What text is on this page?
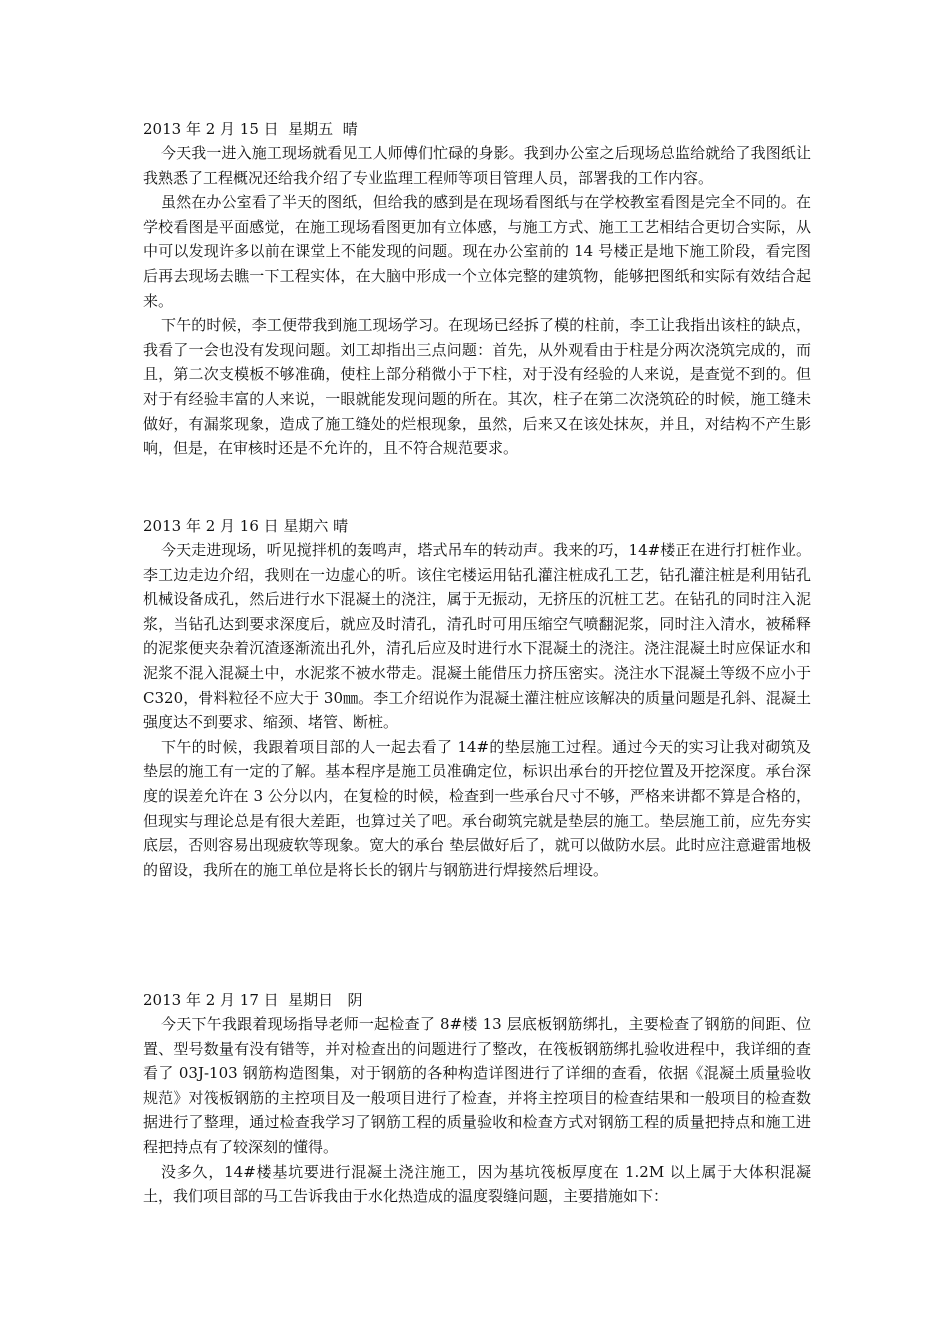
2013 年 2 月 15 日  星期五  晴

今天我一进入施工现场就看见工人师傅们忙碌的身影。我到办公室之后现场总监给就给了我图纸让我熟悉了工程概况还给我介绍了专业监理工程师等项目管理人员，部署我的工作内容。

虽然在办公室看了半天的图纸，但给我的感到是在现场看图纸与在学校教室看图是完全不同的。在学校看图是平面感觉，在施工现场看图更加有立体感，与施工方式、施工工艺相结合更切合实际，从中可以发现许多以前在课堂上不能发现的问题。现在办公室前的 14 号楼正是地下施工阶段，看完图后再去现场去瞧一下工程实体，在大脑中形成一个立体完整的建筑物，能够把图纸和实际有效结合起来。

下午的时候，李工便带我到施工现场学习。在现场已经拆了模的柱前，李工让我指出该柱的缺点，我看了一会也没有发现问题。刘工却指出三点问题：首先，从外观看由于柱是分两次浇筑完成的，而且，第二次支模板不够准确，使柱上部分稍微小于下柱，对于没有经验的人来说，是查觉不到的。但对于有经验丰富的人来说，一眼就能发现问题的所在。其次，柱子在第二次浇筑砼的时候，施工缝未做好，有漏浆现象，造成了施工缝处的烂根现象，虽然，后来又在该处抹灰，并且，对结构不产生影响，但是，在审核时还是不允许的，且不符合规范要求。

2013 年 2 月 16 日 星期六 晴

今天走进现场，听见搅拌机的轰鸣声，塔式吊车的转动声。我来的巧，14#楼正在进行打桩作业。李工边走边介绍，我则在一边虚心的听。该住宅楼运用钻孔灌注桩成孔工艺，钻孔灌注桩是利用钻孔机械设备成孔，然后进行水下混凝土的浇注，属于无振动，无挤压的沉桩工艺。在钻孔的同时注入泥浆，当钻孔达到要求深度后，就应及时清孔，清孔时可用压缩空气喷翻泥浆，同时注入清水，被稀释的泥浆便夹杂着沉渣逐渐流出孔外，清孔后应及时进行水下混凝土的浇注。浇注混凝土时应保证水和泥浆不混入混凝土中，水泥浆不被水带走。混凝土能借压力挤压密实。浇注水下混凝土等级不应小于 C320，骨料粒径不应大于 30㎜。李工介绍说作为混凝土灌注桩应该解决的质量问题是孔斜、混凝土强度达不到要求、缩颈、堵管、断桩。

下午的时候，我跟着项目部的人一起去看了 14#的垫层施工过程。通过今天的实习让我对砌筑及垫层的施工有一定的了解。基本程序是施工员准确定位，标识出承台的开挖位置及开挖深度。承台深度的误差允许在 3 公分以内，在复检的时候，检查到一些承台尺寸不够，严格来讲都不算是合格的，但现实与理论总是有很大差距，也算过关了吧。承台砌筑完就是垫层的施工。垫层施工前，应先夯实底层，否则容易出现疲软等现象。宽大的承台 垫层做好后了，就可以做防水层。此时应注意避雷地极的留设，我所在的施工单位是将长长的钢片与钢筋进行焊接然后埋设。

2013 年 2 月 17 日  星期日   阴

今天下午我跟着现场指导老师一起检查了 8#楼 13 层底板钢筋绑扎，主要检查了钢筋的间距、位置、型号数量有没有错等，并对检查出的问题进行了整改，在筏板钢筋绑扎验收进程中，我详细的查看了 03J-103 钢筋构造图集，对于钢筋的各种构造详图进行了详细的查看，依据《混凝土质量验收规范》对筏板钢筋的主控项目及一般项目进行了检查，并将主控项目的检查结果和一般项目的检查数据进行了整理，通过检查我学习了钢筋工程的质量验收和检查方式对钢筋工程的质量把持点和施工进程把持点有了较深刻的懂得。

没多久，14#楼基坑要进行混凝土浇注施工，因为基坑筏板厚度在 1.2M 以上属于大体积混凝土，我们项目部的马工告诉我由于水化热造成的温度裂缝问题，主要措施如下：
